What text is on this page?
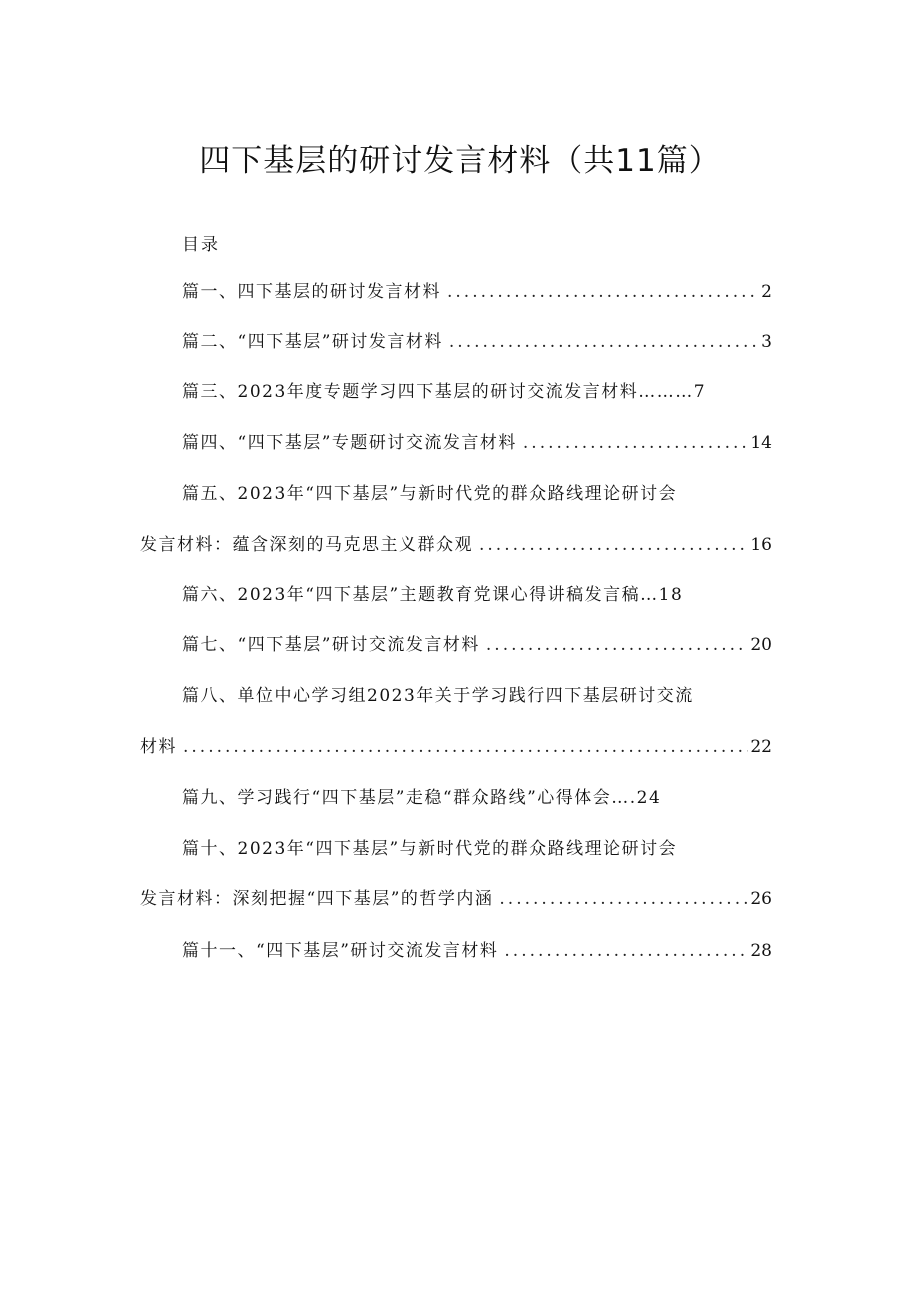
四下基层的研讨发言材料（共11篇）
目录
篇一、四下基层的研讨发言材料 .....	2
篇二、“四下基层”研讨发言材料 .....	3
篇三、2023年度专题学习四下基层的研讨交流发言材料………7
篇四、“四下基层”专题研讨交流发言材料 .....	14
篇五、2023年“四下基层”与新时代党的群众路线理论研讨会
发言材料：蕴含深刻的马克思主义群众观 .....	16
篇六、2023年“四下基层”主题教育党课心得讲稿发言稿…18
篇七、“四下基层”研讨交流发言材料 .....	20
篇八、单位中心学习组2023年关于学习践行四下基层研讨交流
材料 .....	22
篇九、学习践行“四下基层”走稳“群众路线”心得体会….24
篇十、2023年“四下基层”与新时代党的群众路线理论研讨会
发言材料：深刻把握“四下基层”的哲学内涵 .....	26
篇十一、“四下基层”研讨交流发言材料 .....	28
